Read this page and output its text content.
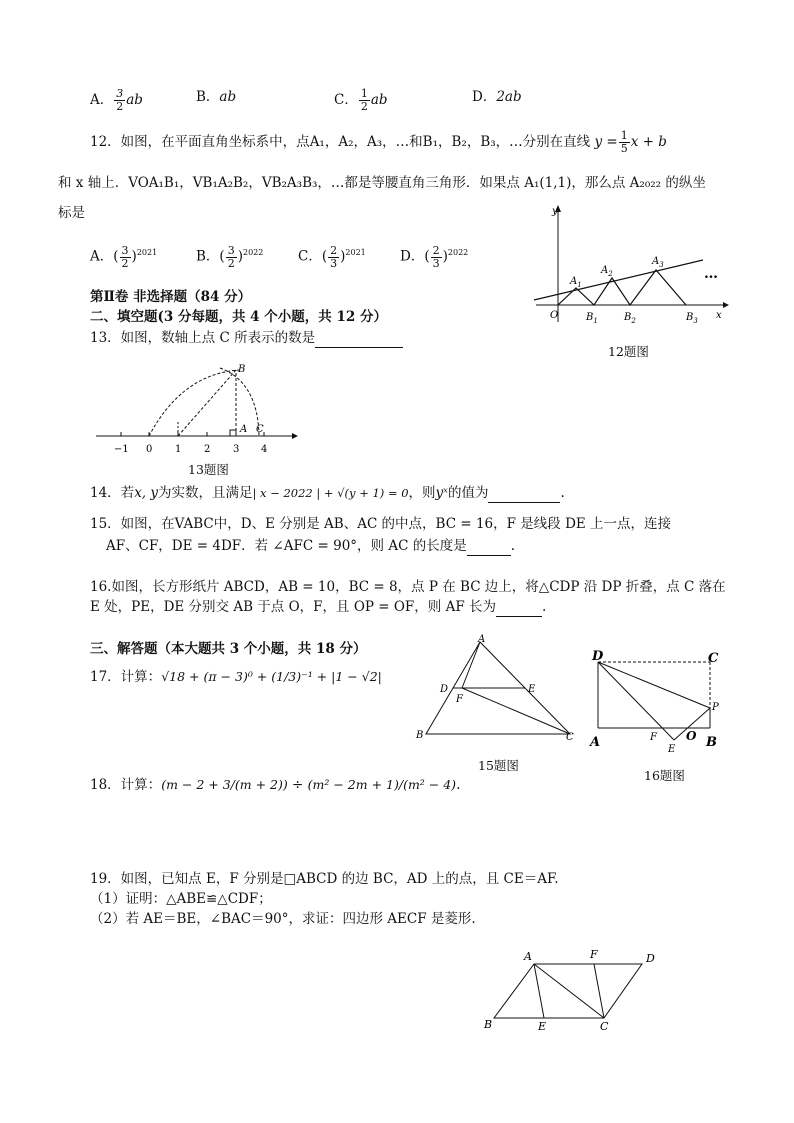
A． $\frac{3}{2}$ ab	B．ab	C． $\frac{1}{2}$ ab	D．2ab
12．如图，在平面直角坐标系中，点A₁，A₂，A₃，…和B₁，B₂，B₃，…分别在直线 $y = \frac{1}{5}$ x + b
和 x 轴上．VOA₁B₁，VB₁A₂B₂，VB₂A₃B₃，…都是等腰直角三角形．如果点 A₁(1,1)，那么点 A₂₀₂₂ 的纵坐
标是
A．( $\frac{3}{2} )^{2021}$	B．( $\frac{3}{2} )^{2022}$	C．( $\frac{2}{3} )^{2021}$	D．( $\frac{2}{3} )^{2022}$
y
x
O
$A_1$
$A_2$
$A_3$
$B_1$	$B_2$	$B_3$
…
12题图
第Ⅱ卷 非选择题（84 分）
二、填空题(3 分每题，共 4 个小题，共 12 分）
13．如图，数轴上点 C 所表示的数是
B
A C
−1 0 1 2 3 4
13题图
14．若x, y为实数，且满足| x − 2022 | + √(y + 1) = 0，则yˣ的值为	.
15．如图，在VABC中，D、E 分别是 AB、AC 的中点，BC = 16，F 是线段 DE 上一点，连接
AF、CF，DE = 4DF．若 ∠AFC = 90°，则 AC 的长度是	.
16.如图，长方形纸片 ABCD，AB = 10，BC = 8，点 P 在 BC 边上，将△CDP 沿 DP 折叠，点 C 落在
E 处，PE，DE 分别交 AB 于点 O，F，且 OP = OF，则 AF 长为	.
三、解答题（本大题共 3 个小题，共 18 分）
17．计算：√18 + (π − 3)⁰ + (1/3)⁻¹ + |1 − √2|
A
B	C
D	E
F
15题图
D	C
A	B
P
F
E
O
16题图
18．计算：(m − 2 + 3/(m + 2)) ÷ (m² − 2m + 1)/(m² − 4).
19．如图，已知点 E，F 分别是□ABCD 的边 BC，AD 上的点，且 CE＝AF.
（1）证明：△ABE≌△CDF；
（2）若 AE＝BE，∠BAC＝90°，求证：四边形 AECF 是菱形.
A	F	D
B	E	C
